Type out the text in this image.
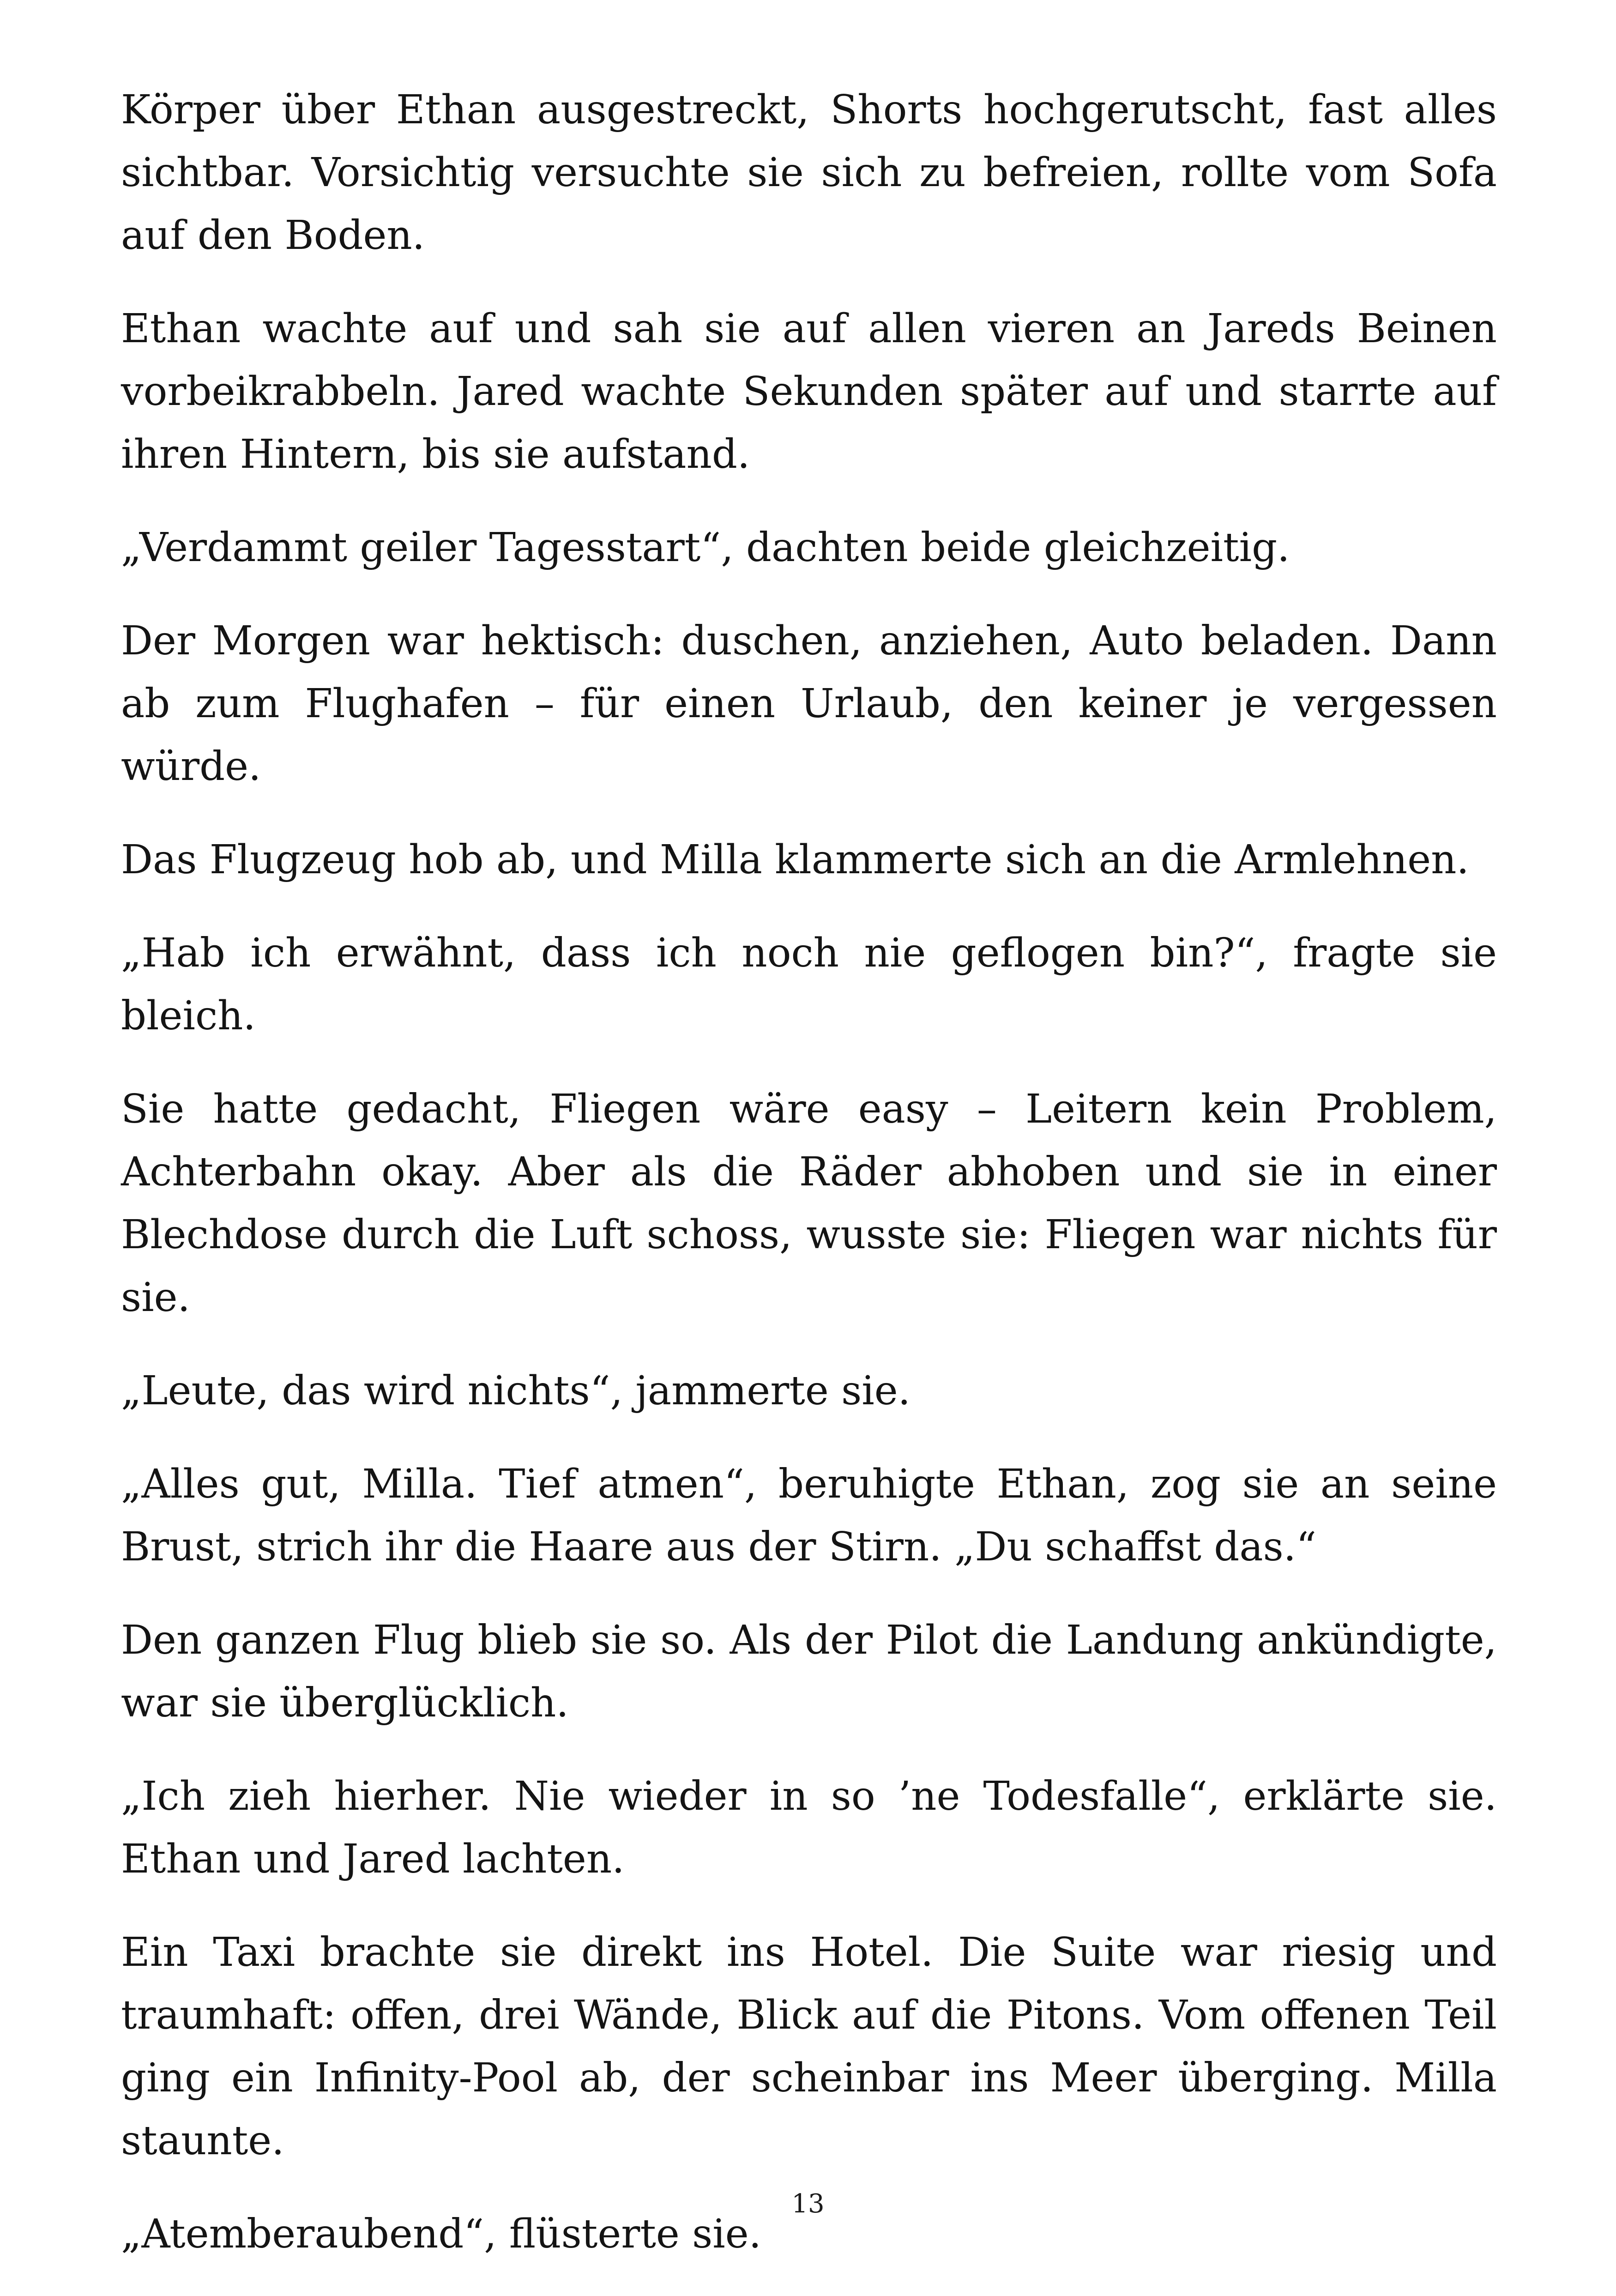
Körper über Ethan ausgestreckt, Shorts hochgerutscht, fast alles sichtbar. Vorsichtig versuchte sie sich zu befreien, rollte vom Sofa auf den Boden.

Ethan wachte auf und sah sie auf allen vieren an Jareds Beinen vorbeikrabbeln. Jared wachte Sekunden später auf und starrte auf ihren Hintern, bis sie aufstand.

„Verdammt geiler Tagesstart“, dachten beide gleichzeitig.

Der Morgen war hektisch: duschen, anziehen, Auto beladen. Dann ab zum Flughafen – für einen Urlaub, den keiner je vergessen würde.

Das Flugzeug hob ab, und Milla klammerte sich an die Armlehnen.

„Hab ich erwähnt, dass ich noch nie geflogen bin?“, fragte sie bleich.

Sie hatte gedacht, Fliegen wäre easy – Leitern kein Problem, Achterbahn okay. Aber als die Räder abhoben und sie in einer Blechdose durch die Luft schoss, wusste sie: Fliegen war nichts für sie.

„Leute, das wird nichts“, jammerte sie.

„Alles gut, Milla. Tief atmen“, beruhigte Ethan, zog sie an seine Brust, strich ihr die Haare aus der Stirn. „Du schaffst das.“

Den ganzen Flug blieb sie so. Als der Pilot die Landung ankündigte, war sie überglücklich.

„Ich zieh hierher. Nie wieder in so ’ne Todesfalle“, erklärte sie. Ethan und Jared lachten.

Ein Taxi brachte sie direkt ins Hotel. Die Suite war riesig und traumhaft: offen, drei Wände, Blick auf die Pitons. Vom offenen Teil ging ein Infinity-Pool ab, der scheinbar ins Meer überging. Milla staunte.

„Atemberaubend“, flüsterte sie.

13
